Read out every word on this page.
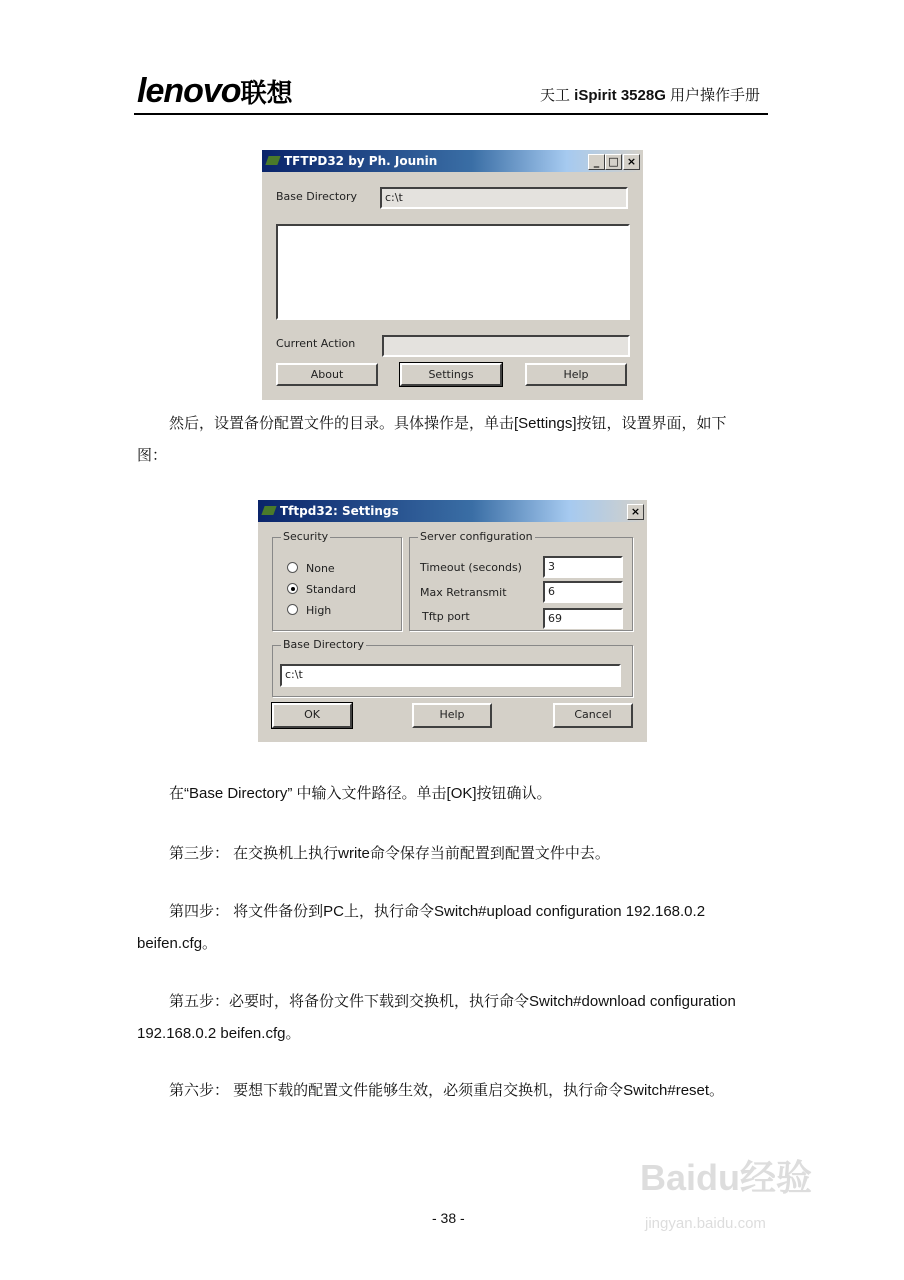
lenovo联想	天工 iSpirit 3528G 用户操作手册
TFTPD32 by Ph. Jounin	_ □ ×
Base Directory	c:\t
Current Action
About	Settings	Help
然后，设置备份配置文件的目录。具体操作是，单击[Settings]按钮，设置界面，如下
图：
Tftpd32: Settings	×
Security
None
Standard
High
Server configuration
Timeout (seconds)	3
Max Retransmit	6
Tftp port	69
Base Directory
c:\t
OK	Help	Cancel
在“Base Directory” 中输入文件路径。单击[OK]按钮确认。
第三步： 在交换机上执行write命令保存当前配置到配置文件中去。
第四步： 将文件备份到PC上，执行命令Switch#upload configuration 192.168.0.2
beifen.cfg。
第五步：必要时，将备份文件下载到交换机，执行命令Switch#download configuration
192.168.0.2 beifen.cfg。
第六步： 要想下载的配置文件能够生效，必须重启交换机，执行命令Switch#reset。
- 38 -
Baidu经验
jingyan.baidu.com
